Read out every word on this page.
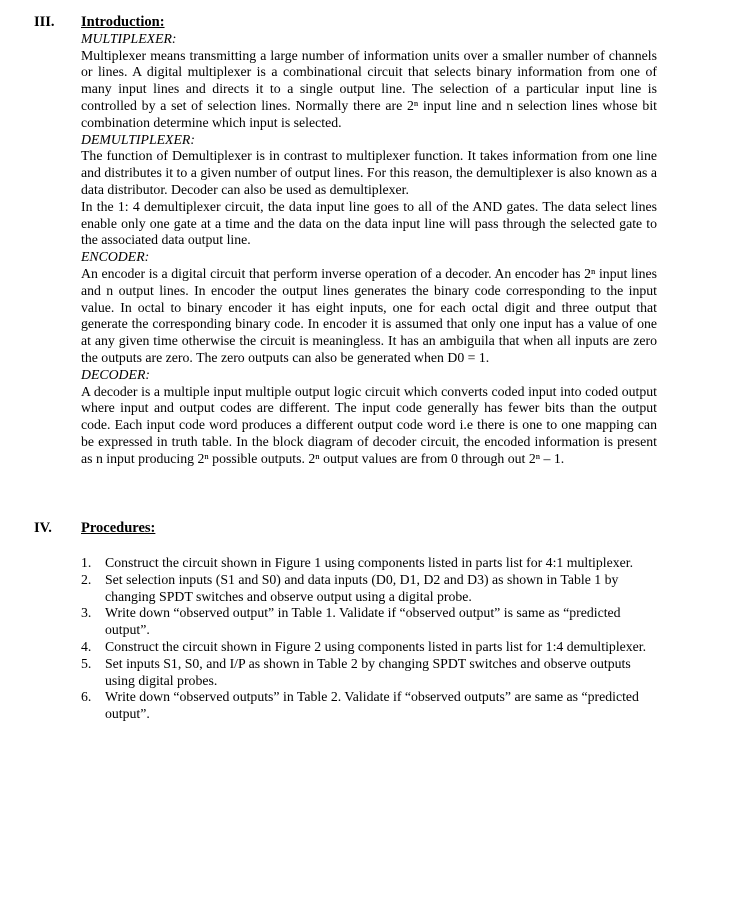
III. Introduction:
MULTIPLEXER:

Multiplexer means transmitting a large number of information units over a smaller number of channels or lines. A digital multiplexer is a combinational circuit that selects binary information from one of many input lines and directs it to a single output line. The selection of a particular input line is controlled by a set of selection lines. Normally there are 2ⁿ input line and n selection lines whose bit combination determine which input is selected.

DEMULTIPLEXER:

The function of Demultiplexer is in contrast to multiplexer function. It takes information from one line and distributes it to a given number of output lines. For this reason, the demultiplexer is also known as a data distributor. Decoder can also be used as demultiplexer.

In the 1: 4 demultiplexer circuit, the data input line goes to all of the AND gates. The data select lines enable only one gate at a time and the data on the data input line will pass through the selected gate to the associated data output line.

ENCODER:

An encoder is a digital circuit that perform inverse operation of a decoder. An encoder has 2ⁿ input lines and n output lines. In encoder the output lines generates the binary code corresponding to the input value. In octal to binary encoder it has eight inputs, one for each octal digit and three output that generate the corresponding binary code. In encoder it is assumed that only one input has a value of one at any given time otherwise the circuit is meaningless. It has an ambiguila that when all inputs are zero the outputs are zero. The zero outputs can also be generated when D0 = 1.

DECODER:

A decoder is a multiple input multiple output logic circuit which converts coded input into coded output where input and output codes are different. The input code generally has fewer bits than the output code. Each input code word produces a different output code word i.e there is one to one mapping can be expressed in truth table. In the block diagram of decoder circuit, the encoded information is present as n input producing 2ⁿ possible outputs. 2ⁿ output values are from 0 through out 2ⁿ – 1.

IV. Procedures:
1. Construct the circuit shown in Figure 1 using components listed in parts list for 4:1 multiplexer.
2. Set selection inputs (S1 and S0) and data inputs (D0, D1, D2 and D3) as shown in Table 1 by changing SPDT switches and observe output using a digital probe.
3. Write down “observed output” in Table 1. Validate if “observed output” is same as “predicted output”.
4. Construct the circuit shown in Figure 2 using components listed in parts list for 1:4 demultiplexer.
5. Set inputs S1, S0, and I/P as shown in Table 2 by changing SPDT switches and observe outputs using digital probes.
6. Write down “observed outputs” in Table 2. Validate if “observed outputs” are same as “predicted output”.
